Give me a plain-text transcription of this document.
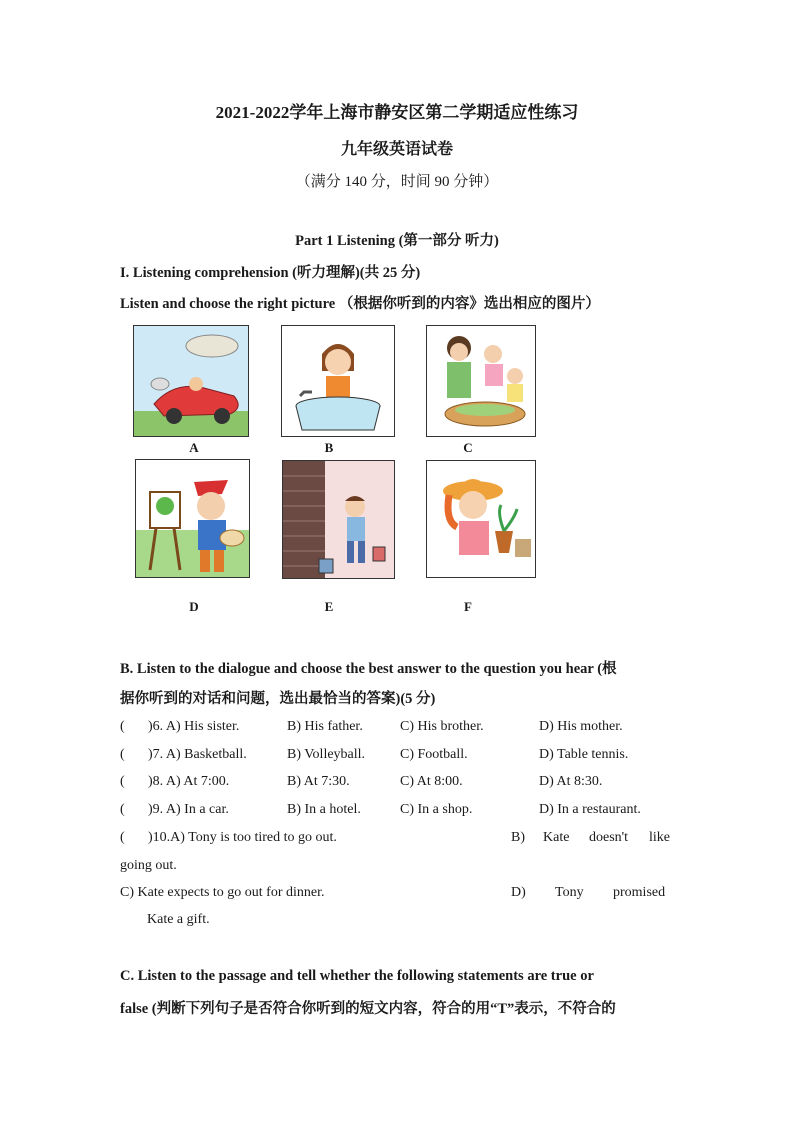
2021-2022学年上海市静安区第二学期适应性练习
九年级英语试卷
（满分 140 分，时间 90 分钟）
Part 1 Listening (第一部分 听力)
I. Listening comprehension (听力理解)(共 25 分)
Listen and choose the right picture （根据你听到的内容》选出相应的图片）
A	B	C
D	E	F
B. Listen to the dialogue and choose the best answer to the question you hear (根
据你听到的对话和问题，选出最恰当的答案)(5 分)
( )6. A) His sister.	B) His father.	C) His brother.	D) His mother.
( )7. A) Basketball.	B) Volleyball. C) Football.	D) Table tennis.
( )8. A) At 7:00.	B) At 7:30.	C) At 8:00.	D) At 8:30.
( )9. A) In a car.	B) In a hotel.	C) In a shop.	D) In a restaurant.
( )10.A) Tony is too tired to go out.	B) Kate doesn't like
going out.
C) Kate expects to go out for dinner.	D) Tony promised
Kate a gift.
C. Listen to the passage and tell whether the following statements are true or
false (判断下列句子是否符合你听到的短文内容，符合的用“T”表示，不符合的
